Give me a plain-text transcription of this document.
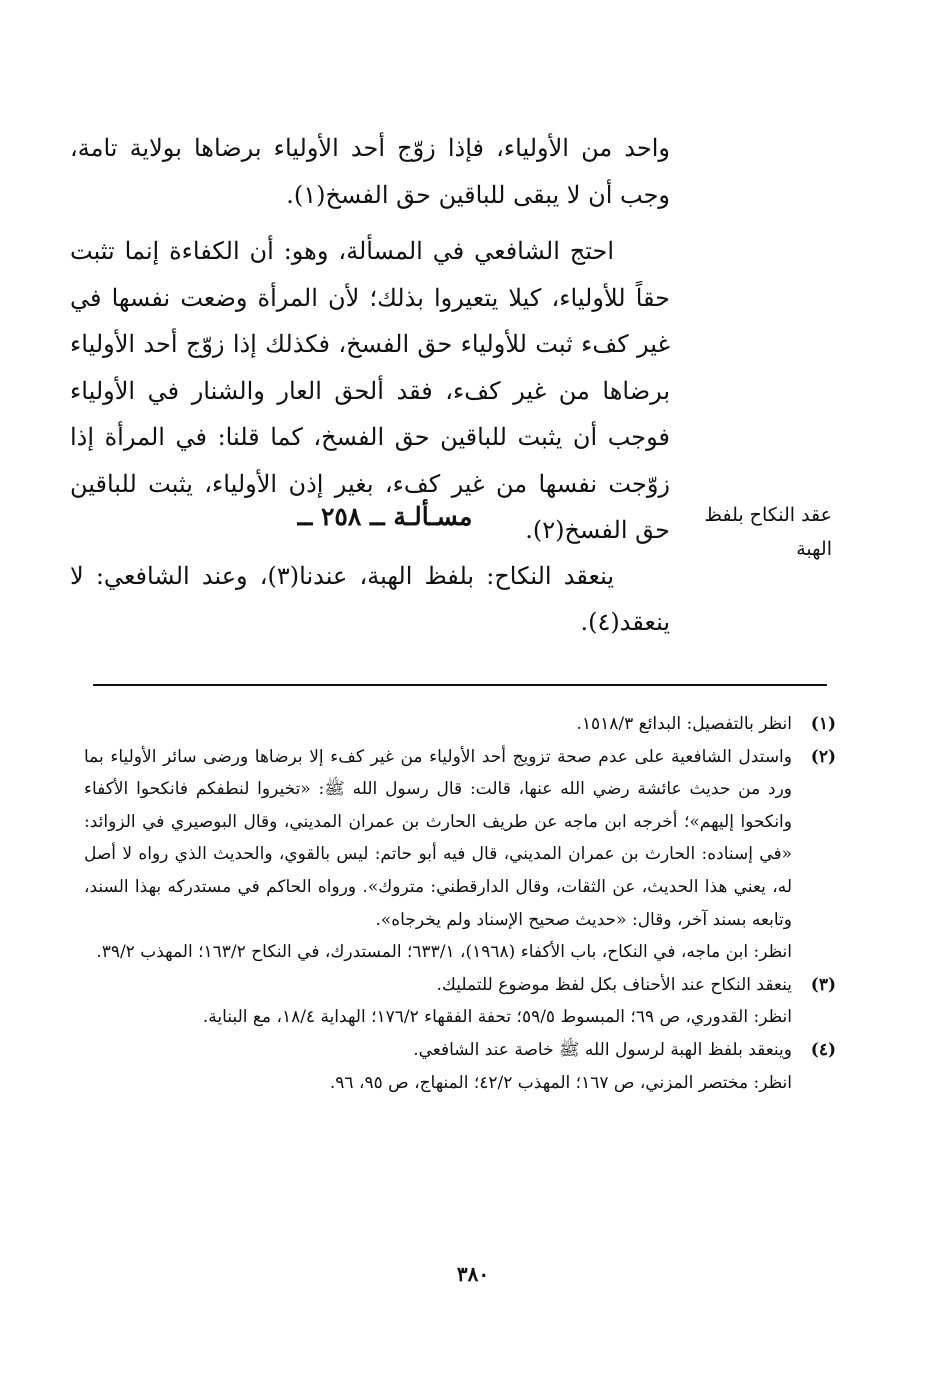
واحد من الأولياء، فإذا زوّج أحد الأولياء برضاها بولاية تامة، وجب أن لا يبقى للباقين حق الفسخ(١).

احتج الشافعي في المسألة، وهو: أن الكفاءة إنما تثبت حقاً للأولياء، كيلا يتعيروا بذلك؛ لأن المرأة وضعت نفسها في غير كفء ثبت للأولياء حق الفسخ، فكذلك إذا زوّج أحد الأولياء برضاها من غير كفء، فقد ألحق العار والشنار في الأولياء فوجب أن يثبت للباقين حق الفسخ، كما قلنا: في المرأة إذا زوّجت نفسها من غير كفء، بغير إذن الأولياء، يثبت للباقين حق الفسخ(٢).

عقد النكاح بلفظ
الهبة
مسـألـة ــ ٢٥٨ ــ

ينعقد النكاح: بلفظ الهبة، عندنا(٣)، وعند الشافعي: لا ينعقد(٤).

(١)

انظر بالتفصيل: البدائع ١٥١٨/٣.

(٢)

واستدل الشافعية على عدم صحة تزويج أحد الأولياء من غير كفء إلا برضاها ورضى سائر الأولياء بما ورد من حديث عائشة رضي الله عنها، قالت: قال رسول الله ﷺ: «تخيروا لنطفكم فانكحوا الأكفاء وانكحوا إليهم»؛ أخرجه ابن ماجه عن طريف الحارث بن عمران المديني، وقال البوصيري في الزوائد: «في إسناده: الحارث بن عمران المديني، قال فيه أبو حاتم: ليس بالقوي، والحديث الذي رواه لا أصل له، يعني هذا الحديث، عن الثقات، وقال الدارقطني: متروك». ورواه الحاكم في مستدركه بهذا السند، وتابعه بسند آخر، وقال: «حديث صحيح الإسناد ولم يخرجاه».

انظر: ابن ماجه، في النكاح، باب الأكفاء (١٩٦٨)، ٦٣٣/١؛ المستدرك، في النكاح ١٦٣/٢؛ المهذب ٣٩/٢.

(٣)

ينعقد النكاح عند الأحناف بكل لفظ موضوع للتمليك.

انظر: القدوري، ص ٦٩؛ المبسوط ٥٩/٥؛ تحفة الفقهاء ١٧٦/٢؛ الهداية ١٨/٤، مع البناية.

(٤)

وينعقد بلفظ الهبة لرسول الله ﷺ خاصة عند الشافعي.

انظر: مختصر المزني، ص ١٦٧؛ المهذب ٤٢/٢؛ المنهاج، ص ٩٥، ٩٦.

٣٨٠
